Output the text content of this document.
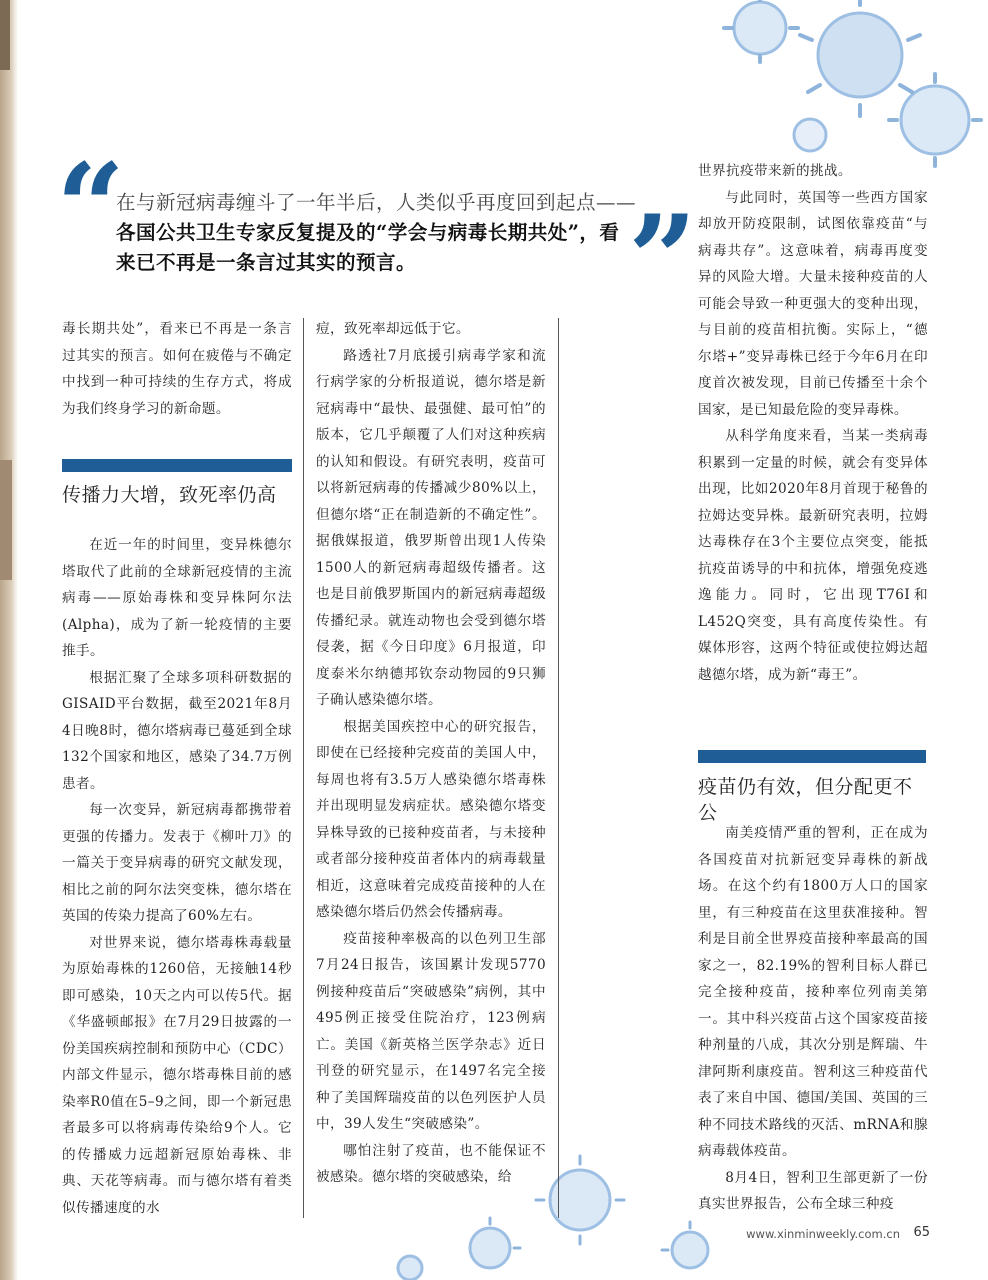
“
在与新冠病毒缠斗了一年半后，人类似乎再度回到起点——各国公共卫生专家反复提及的“学会与病毒长期共处”，看来已不再是一条言过其实的预言。	”

毒长期共处”，看来已不再是一条言过其实的预言。如何在疲倦与不确定中找到一种可持续的生存方式，将成为我们终身学习的新命题。

传播力大增，致死率仍高

在近一年的时间里，变异株德尔塔取代了此前的全球新冠疫情的主流病毒——原始毒株和变异株阿尔法(Alpha)，成为了新一轮疫情的主要推手。

根据汇聚了全球多项科研数据的GISAID平台数据，截至2021年8月4日晚8时，德尔塔病毒已蔓延到全球132个国家和地区，感染了34.7万例患者。

每一次变异，新冠病毒都携带着更强的传播力。发表于《柳叶刀》的一篇关于变异病毒的研究文献发现，相比之前的阿尔法突变株，德尔塔在英国的传染力提高了60%左右。

对世界来说，德尔塔毒株毒载量为原始毒株的1260倍，无接触14秒即可感染，10天之内可以传5代。据《华盛顿邮报》在7月29日披露的一份美国疾病控制和预防中心（CDC）内部文件显示，德尔塔毒株目前的感染率R0值在5–9之间，即一个新冠患者最多可以将病毒传染给9个人。它的传播威力远超新冠原始毒株、非典、天花等病毒。而与德尔塔有着类似传播速度的水

痘，致死率却远低于它。

路透社7月底援引病毒学家和流行病学家的分析报道说，德尔塔是新冠病毒中“最快、最强健、最可怕”的版本，它几乎颠覆了人们对这种疾病的认知和假设。有研究表明，疫苗可以将新冠病毒的传播减少80%以上，但德尔塔“正在制造新的不确定性”。据俄媒报道，俄罗斯曾出现1人传染1500人的新冠病毒超级传播者。这也是目前俄罗斯国内的新冠病毒超级传播纪录。就连动物也会受到德尔塔侵袭，据《今日印度》6月报道，印度泰米尔纳德邦钦奈动物园的9只狮子确认感染德尔塔。

根据美国疾控中心的研究报告，即使在已经接种完疫苗的美国人中，每周也将有3.5万人感染德尔塔毒株并出现明显发病症状。感染德尔塔变异株导致的已接种疫苗者，与未接种或者部分接种疫苗者体内的病毒载量相近，这意味着完成疫苗接种的人在感染德尔塔后仍然会传播病毒。

疫苗接种率极高的以色列卫生部7月24日报告，该国累计发现5770例接种疫苗后“突破感染”病例，其中495例正接受住院治疗，123例病亡。美国《新英格兰医学杂志》近日刊登的研究显示，在1497名完全接种了美国辉瑞疫苗的以色列医护人员中，39人发生“突破感染”。

哪怕注射了疫苗，也不能保证不被感染。德尔塔的突破感染，给

世界抗疫带来新的挑战。

与此同时，英国等一些西方国家却放开防疫限制，试图依靠疫苗“与病毒共存”。这意味着，病毒再度变异的风险大增。大量未接种疫苗的人可能会导致一种更强大的变种出现，与目前的疫苗相抗衡。实际上，“德尔塔+”变异毒株已经于今年6月在印度首次被发现，目前已传播至十余个国家，是已知最危险的变异毒株。

从科学角度来看，当某一类病毒积累到一定量的时候，就会有变异体出现，比如2020年8月首现于秘鲁的拉姆达变异株。最新研究表明，拉姆达毒株存在3个主要位点突变，能抵抗疫苗诱导的中和抗体，增强免疫逃逸能力。同时，它出现T76I和L452Q突变，具有高度传染性。有媒体形容，这两个特征或使拉姆达超越德尔塔，成为新“毒王”。

疫苗仍有效，但分配更不公

南美疫情严重的智利，正在成为各国疫苗对抗新冠变异毒株的新战场。在这个约有1800万人口的国家里，有三种疫苗在这里获准接种。智利是目前全世界疫苗接种率最高的国家之一，82.19%的智利目标人群已完全接种疫苗，接种率位列南美第一。其中科兴疫苗占这个国家疫苗接种剂量的八成，其次分别是辉瑞、牛津阿斯利康疫苗。智利这三种疫苗代表了来自中国、德国/美国、英国的三种不同技术路线的灭活、mRNA和腺病毒载体疫苗。

8月4日，智利卫生部更新了一份真实世界报告，公布全球三种疫

www.xinminweekly.com.cn 65
